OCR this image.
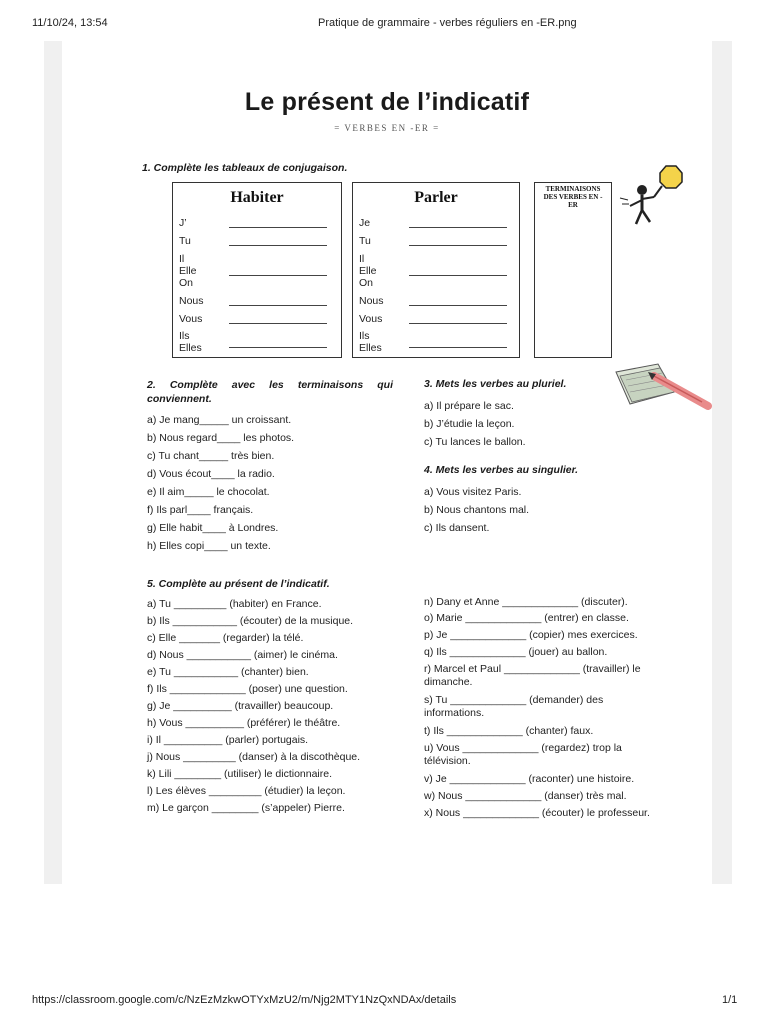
11/10/24, 13:54	Pratique de grammaire - verbes réguliers en -ER.png
Le présent de l’indicatif
= VERBES EN -ER =
1. Complète les tableaux de conjugaison.
Habiter
J’
Tu
Il
Elle
On
Nous
Vous
Ils
Elles
Parler
Je
Tu
Il
Elle
On
Nous
Vous
Ils
Elles
TERMINAISONS DES VERBES EN - ER
2. Complète avec les terminaisons qui conviennent.
a) Je mang_____ un croissant.
b) Nous regard____ les photos.
c) Tu chant_____ très bien.
d) Vous écout____ la radio.
e) Il aim_____ le chocolat.
f) Ils parl____ français.
g) Elle habit____ à Londres.
h) Elles copi____ un texte.
3. Mets les verbes au pluriel.
a) Il prépare le sac.
b) J’étudie la leçon.
c) Tu lances le ballon.
4. Mets les verbes au singulier.
a) Vous visitez Paris.
b) Nous chantons mal.
c) Ils dansent.
5. Complète au présent de l’indicatif.
a) Tu _________ (habiter) en France.
b) Ils ___________ (écouter) de la musique.
c) Elle _______ (regarder) la télé.
d) Nous ___________ (aimer) le cinéma.
e) Tu ___________ (chanter) bien.
f) Ils _____________ (poser) une question.
g) Je __________ (travailler) beaucoup.
h) Vous __________ (préférer) le théâtre.
i) Il __________ (parler) portugais.
j) Nous _________ (danser) à la discothèque.
k) Lili ________ (utiliser) le dictionnaire.
l) Les élèves _________ (étudier) la leçon.
m) Le garçon ________ (s’appeler) Pierre.
n) Dany et Anne _____________ (discuter).
o) Marie _____________ (entrer) en classe.
p) Je _____________ (copier) mes exercices.
q) Ils _____________ (jouer) au ballon.
r) Marcel et Paul _____________ (travailler) le dimanche.
s) Tu _____________ (demander) des informations.
t) Ils _____________ (chanter) faux.
u) Vous _____________ (regardez) trop la télévision.
v) Je _____________ (raconter) une histoire.
w) Nous _____________ (danser) très mal.
x) Nous _____________ (écouter) le professeur.
https://classroom.google.com/c/NzEzMzkwOTYxMzU2/m/Njg2MTY1NzQxNDAx/details	1/1
